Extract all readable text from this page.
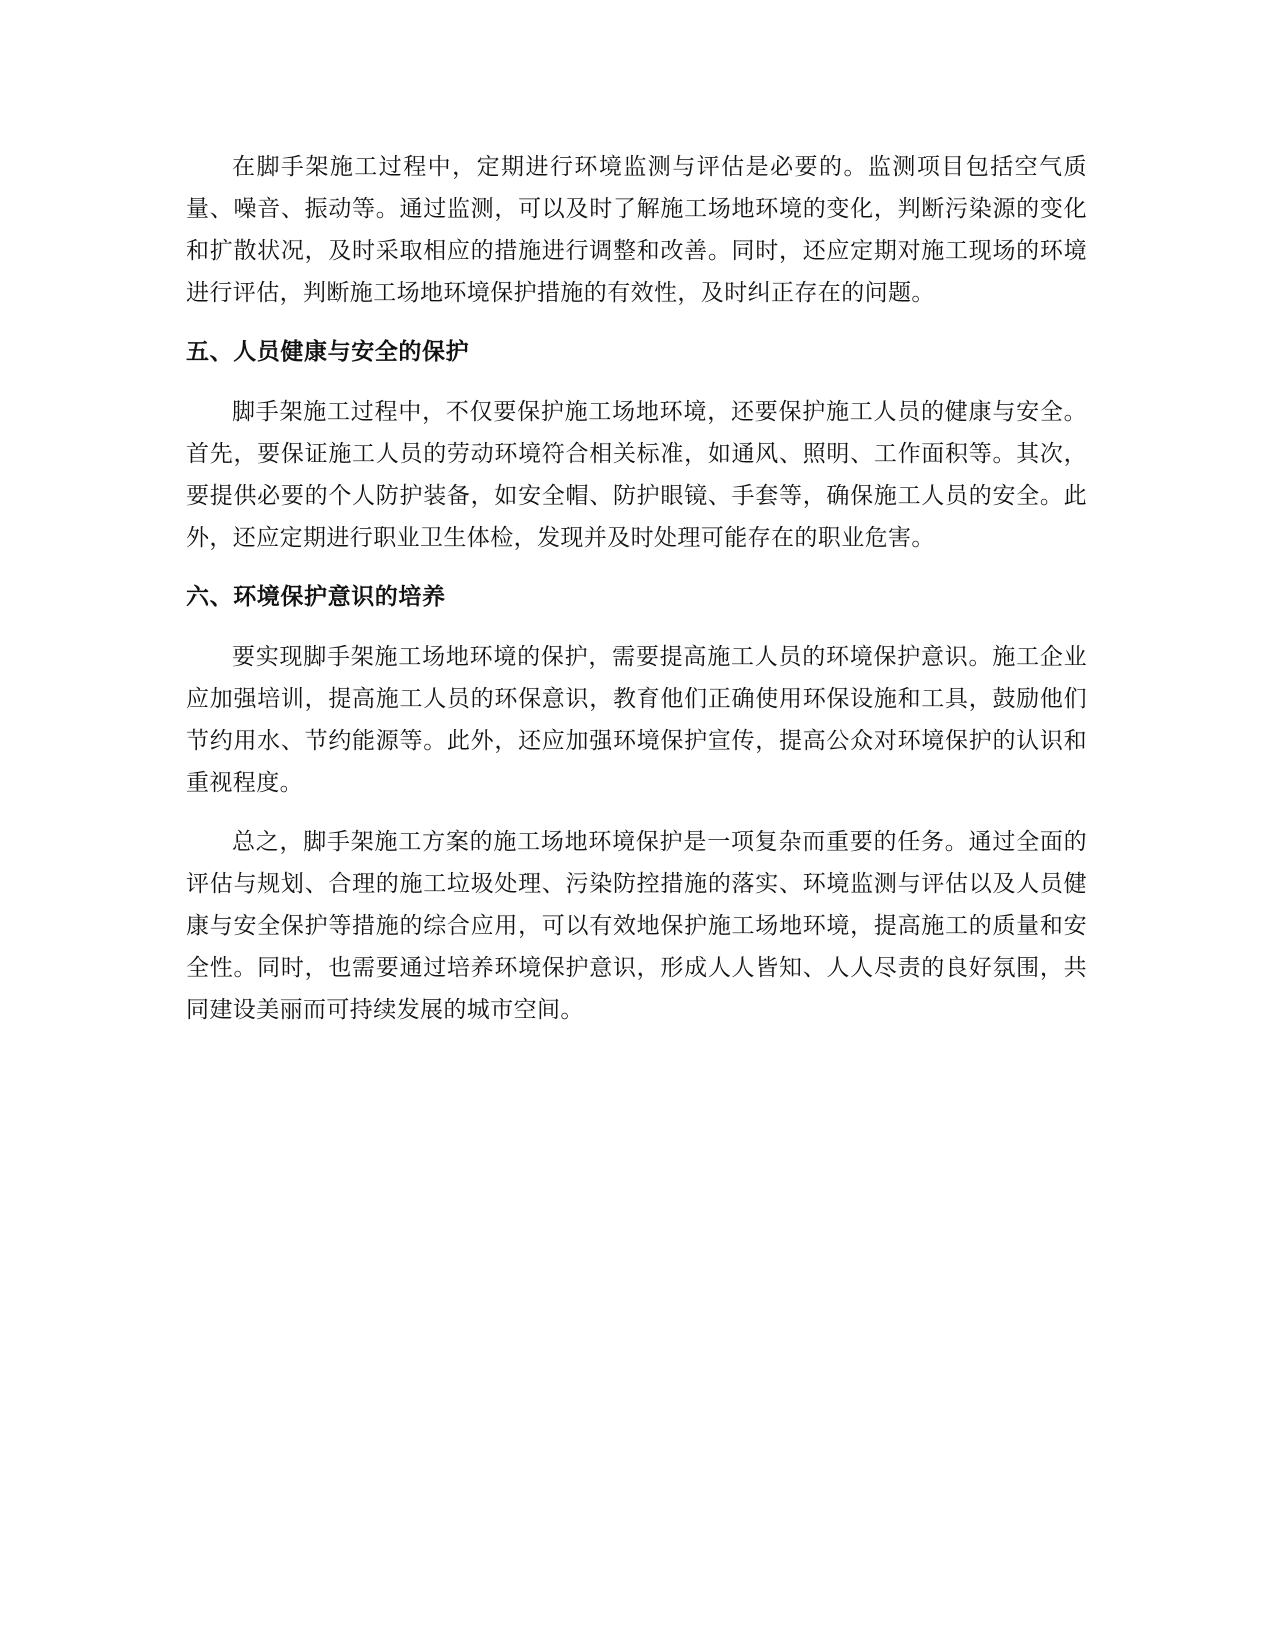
在脚手架施工过程中，定期进行环境监测与评估是必要的。监测项目包括空气质量、噪音、振动等。通过监测，可以及时了解施工场地环境的变化，判断污染源的变化和扩散状况，及时采取相应的措施进行调整和改善。同时，还应定期对施工现场的环境进行评估，判断施工场地环境保护措施的有效性，及时纠正存在的问题。

五、人员健康与安全的保护

脚手架施工过程中，不仅要保护施工场地环境，还要保护施工人员的健康与安全。首先，要保证施工人员的劳动环境符合相关标准，如通风、照明、工作面积等。其次，要提供必要的个人防护装备，如安全帽、防护眼镜、手套等，确保施工人员的安全。此外，还应定期进行职业卫生体检，发现并及时处理可能存在的职业危害。

六、环境保护意识的培养

要实现脚手架施工场地环境的保护，需要提高施工人员的环境保护意识。施工企业应加强培训，提高施工人员的环保意识，教育他们正确使用环保设施和工具，鼓励他们节约用水、节约能源等。此外，还应加强环境保护宣传，提高公众对环境保护的认识和重视程度。

总之，脚手架施工方案的施工场地环境保护是一项复杂而重要的任务。通过全面的评估与规划、合理的施工垃圾处理、污染防控措施的落实、环境监测与评估以及人员健康与安全保护等措施的综合应用，可以有效地保护施工场地环境，提高施工的质量和安全性。同时，也需要通过培养环境保护意识，形成人人皆知、人人尽责的良好氛围，共同建设美丽而可持续发展的城市空间。
